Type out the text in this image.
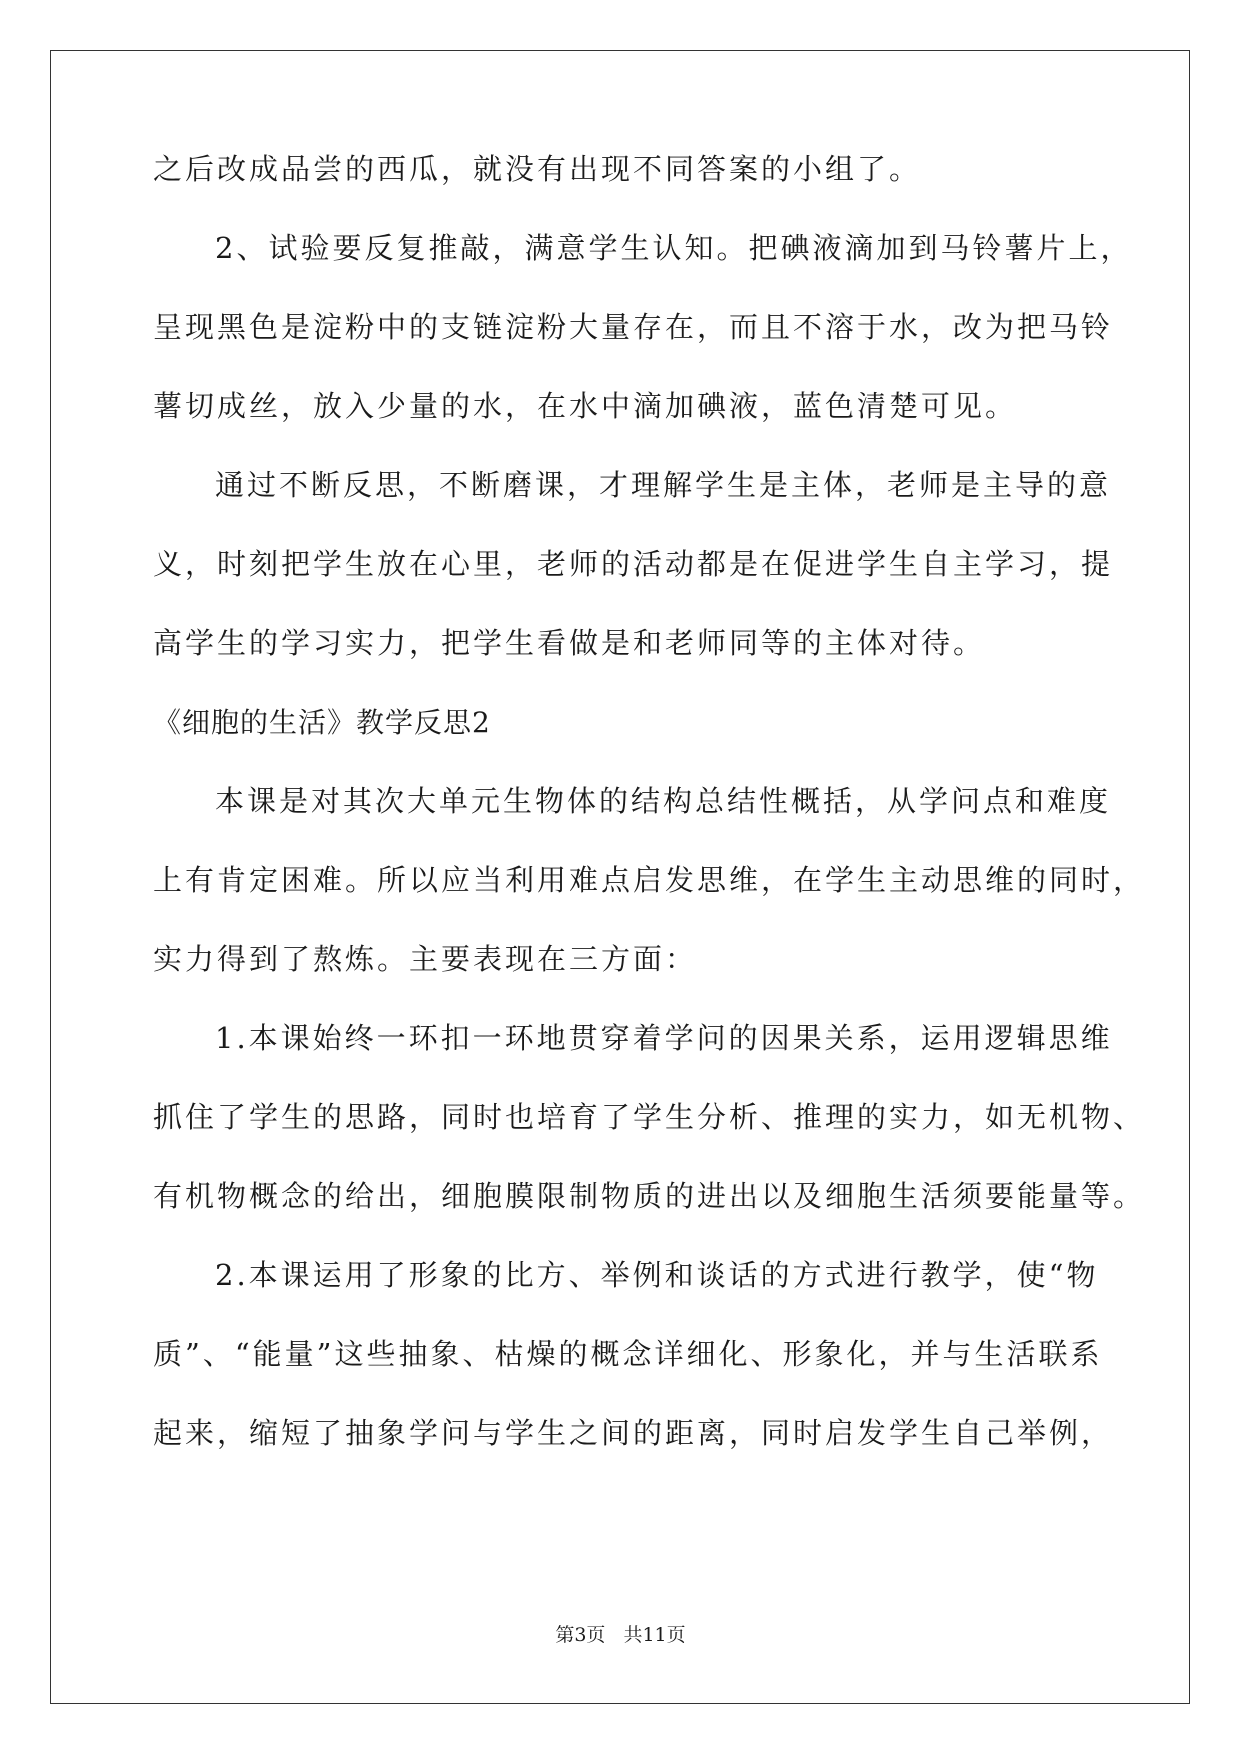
之后改成品尝的西瓜，就没有出现不同答案的小组了。
2、试验要反复推敲，满意学生认知。把碘液滴加到马铃薯片上，
呈现黑色是淀粉中的支链淀粉大量存在，而且不溶于水，改为把马铃
薯切成丝，放入少量的水，在水中滴加碘液，蓝色清楚可见。
通过不断反思，不断磨课，才理解学生是主体，老师是主导的意
义，时刻把学生放在心里，老师的活动都是在促进学生自主学习，提
高学生的学习实力，把学生看做是和老师同等的主体对待。
《细胞的生活》教学反思2
本课是对其次大单元生物体的结构总结性概括，从学问点和难度
上有肯定困难。所以应当利用难点启发思维，在学生主动思维的同时，
实力得到了熬炼。主要表现在三方面：
1.本课始终一环扣一环地贯穿着学问的因果关系，运用逻辑思维
抓住了学生的思路，同时也培育了学生分析、推理的实力，如无机物、
有机物概念的给出，细胞膜限制物质的进出以及细胞生活须要能量等。
2.本课运用了形象的比方、举例和谈话的方式进行教学，使“物
质”、“能量”这些抽象、枯燥的概念详细化、形象化，并与生活联系
起来，缩短了抽象学问与学生之间的距离，同时启发学生自己举例，
第3页 共11页
